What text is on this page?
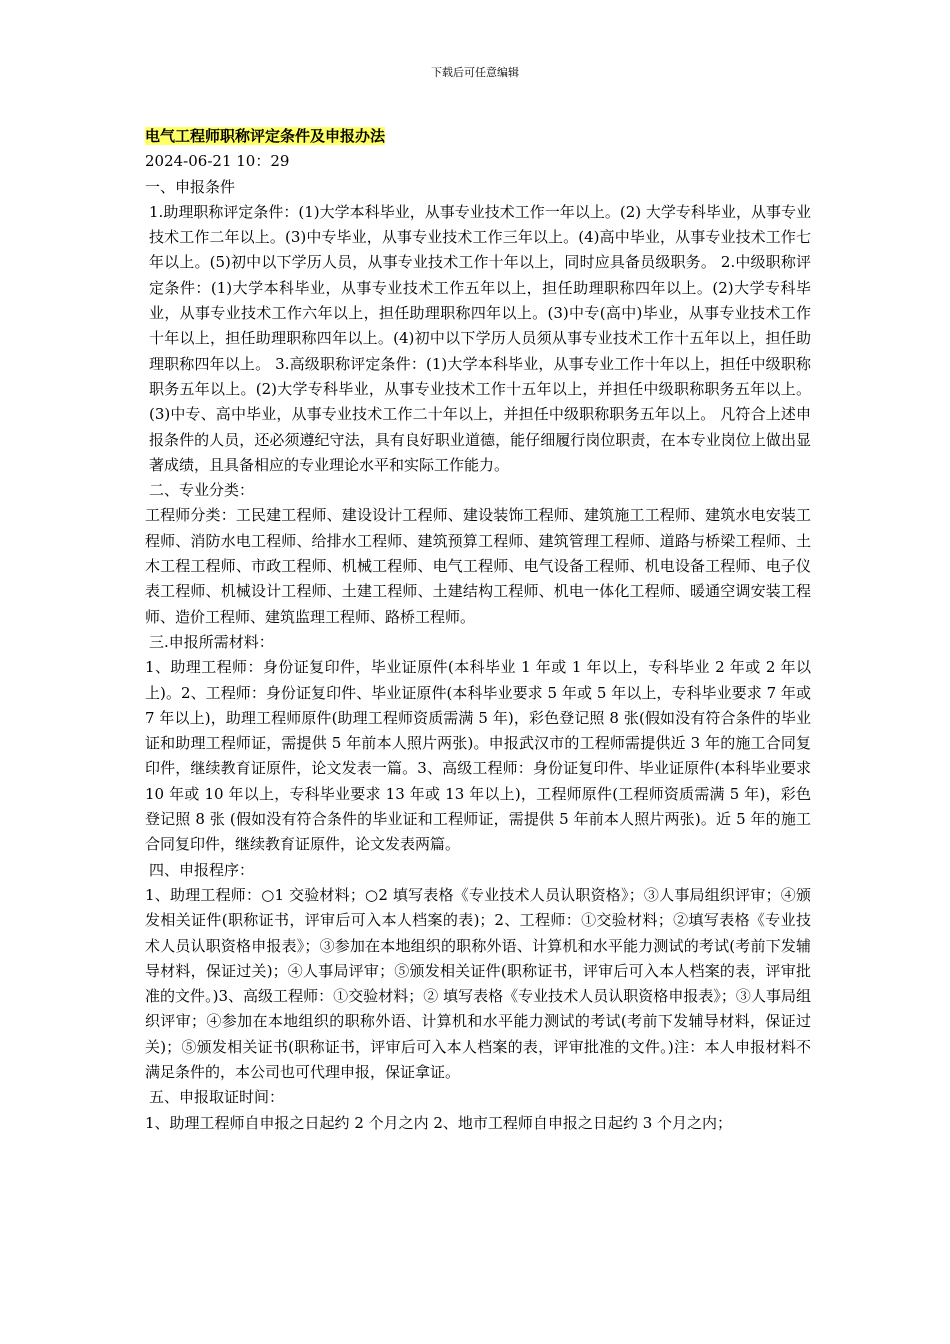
下载后可任意编辑

电气工程师职称评定条件及申报办法

2024-06-21 10：29

一、申报条件

1.助理职称评定条件：(1)大学本科毕业，从事专业技术工作一年以上。(2) 大学专科毕业，从事专业技术工作二年以上。(3)中专毕业，从事专业技术工作三年以上。(4)高中毕业，从事专业技术工作七年以上。(5)初中以下学历人员，从事专业技术工作十年以上，同时应具备员级职务。 2.中级职称评定条件：(1)大学本科毕业，从事专业技术工作五年以上，担任助理职称四年以上。(2)大学专科毕业，从事专业技术工作六年以上，担任助理职称四年以上。(3)中专(高中)毕业，从事专业技术工作十年以上，担任助理职称四年以上。(4)初中以下学历人员须从事专业技术工作十五年以上，担任助理职称四年以上。 3.高级职称评定条件：(1)大学本科毕业，从事专业工作十年以上，担任中级职称职务五年以上。(2)大学专科毕业，从事专业技术工作十五年以上，并担任中级职称职务五年以上。(3)中专、高中毕业，从事专业技术工作二十年以上，并担任中级职称职务五年以上。 凡符合上述申报条件的人员，还必须遵纪守法，具有良好职业道德，能仔细履行岗位职责，在本专业岗位上做出显著成绩，且具备相应的专业理论水平和实际工作能力。

二、专业分类：

工程师分类：工民建工程师、建设设计工程师、建设装饰工程师、建筑施工工程师、建筑水电安装工程师、消防水电工程师、给排水工程师、建筑预算工程师、建筑管理工程师、道路与桥梁工程师、土木工程工程师、市政工程师、机械工程师、电气工程师、电气设备工程师、机电设备工程师、电子仪表工程师、机械设计工程师、土建工程师、土建结构工程师、机电一体化工程师、暖通空调安装工程师、造价工程师、建筑监理工程师、路桥工程师。

三.申报所需材料：

1、助理工程师：身份证复印件，毕业证原件(本科毕业 1 年或 1 年以上，专科毕业 2 年或 2 年以上)。2、工程师：身份证复印件、毕业证原件(本科毕业要求 5 年或 5 年以上，专科毕业要求 7 年或 7 年以上)，助理工程师原件(助理工程师资质需满 5 年)，彩色登记照 8 张(假如没有符合条件的毕业证和助理工程师证，需提供 5 年前本人照片两张)。申报武汉市的工程师需提供近 3 年的施工合同复印件，继续教育证原件，论文发表一篇。3、高级工程师：身份证复印件、毕业证原件(本科毕业要求 10 年或 10 年以上，专科毕业要求 13 年或 13 年以上)，工程师原件(工程师资质需满 5 年)，彩色登记照 8 张 (假如没有符合条件的毕业证和工程师证，需提供 5 年前本人照片两张)。近 5 年的施工合同复印件，继续教育证原件，论文发表两篇。

四、申报程序：

1、助理工程师：○1 交验材料；○2 填写表格《专业技术人员认职资格》；③人事局组织评审；④颁发相关证件(职称证书，评审后可入本人档案的表)；2、工程师：①交验材料；②填写表格《专业技术人员认职资格申报表》；③参加在本地组织的职称外语、计算机和水平能力测试的考试(考前下发辅导材料，保证过关)；④人事局评审；⑤颁发相关证件(职称证书，评审后可入本人档案的表，评审批准的文件。)3、高级工程师：①交验材料；② 填写表格《专业技术人员认职资格申报表》；③人事局组织评审；④参加在本地组织的职称外语、计算机和水平能力测试的考试(考前下发辅导材料，保证过关)；⑤颁发相关证书(职称证书，评审后可入本人档案的表，评审批准的文件。)注：本人申报材料不满足条件的，本公司也可代理申报，保证拿证。

五、申报取证时间：

1、助理工程师自申报之日起约 2 个月之内 2、地市工程师自申报之日起约 3 个月之内；
